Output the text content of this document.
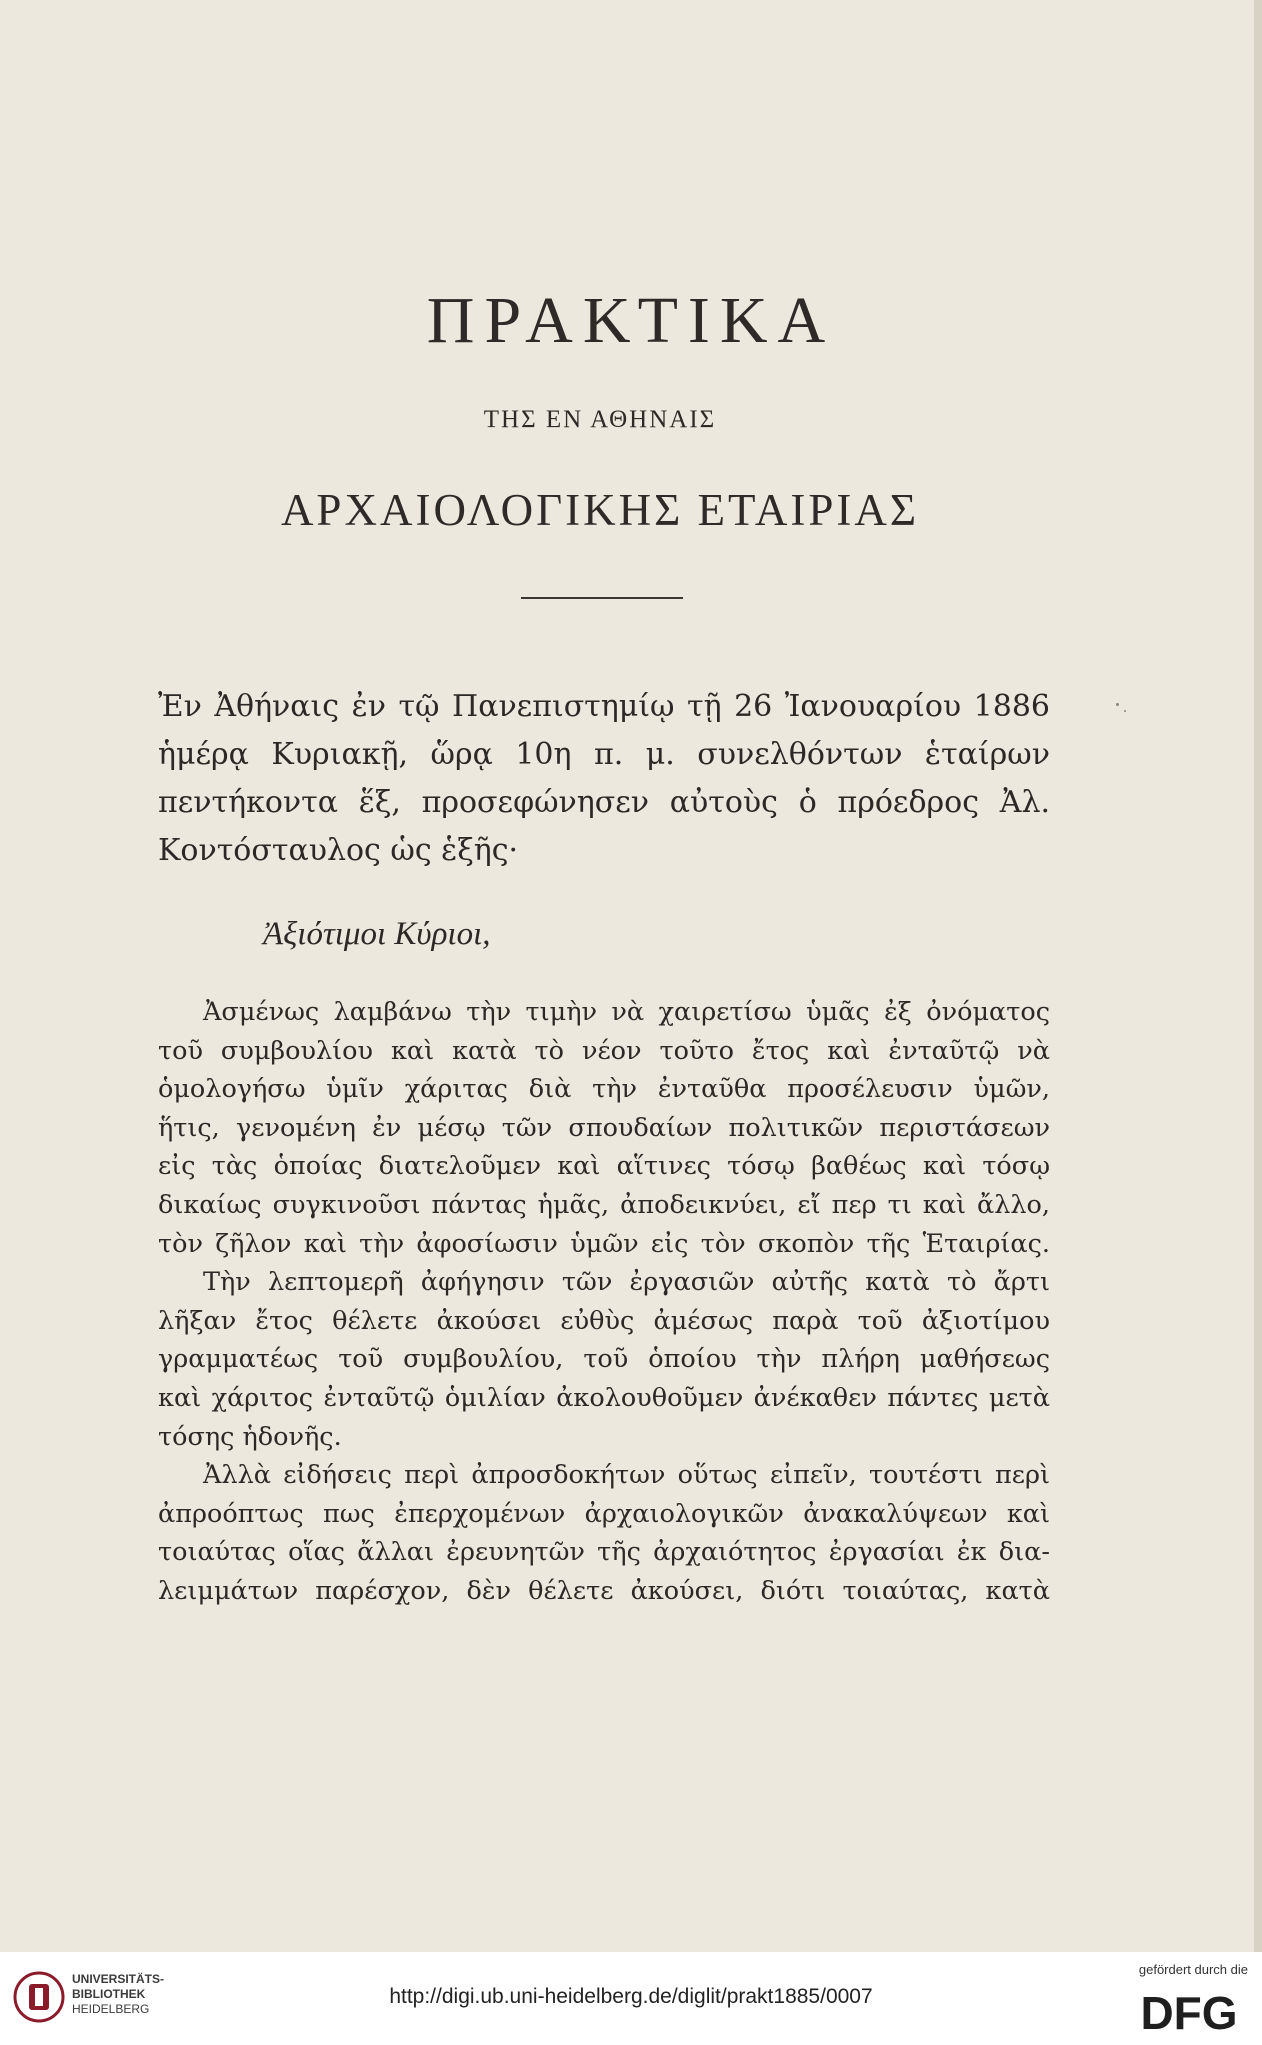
ΠΡΑΚΤΙΚΑ
ΤΗΣ ΕΝ ΑΘΗΝΑΙΣ
ΑΡΧΑΙΟΛΟΓΙΚΗΣ ΕΤΑΙΡΙΑΣ
Ἐν Ἀθήναις ἐν τῷ Πανεπιστημίῳ τῇ 26 Ἰανουαρίου 1886
ἡμέρᾳ Κυριακῇ, ὥρᾳ 10η π. μ. συνελθόντων ἑταίρων
πεντήκοντα ἕξ, προσεφώνησεν αὐτοὺς ὁ πρόεδρος Ἀλ.
Κοντόσταυλος ὡς ἑξῆς·
Ἀξιότιμοι Κύριοι,
Ἀσμένως λαμβάνω τὴν τιμὴν νὰ χαιρετίσω ὑμᾶς ἐξ ὀνόματος
τοῦ συμβουλίου καὶ κατὰ τὸ νέον τοῦτο ἔτος καὶ ἐνταῦτῷ νὰ
ὁμολογήσω ὑμῖν χάριτας διὰ τὴν ἐνταῦθα προσέλευσιν ὑμῶν,
ἥτις, γενομένη ἐν μέσῳ τῶν σπουδαίων πολιτικῶν περιστάσεων
εἰς τὰς ὁποίας διατελοῦμεν καὶ αἵτινες τόσῳ βαθέως καὶ τόσῳ
δικαίως συγκινοῦσι πάντας ἡμᾶς, ἀποδεικνύει, εἴ περ τι καὶ ἄλλο,
τὸν ζῆλον καὶ τὴν ἀφοσίωσιν ὑμῶν εἰς τὸν σκοπὸν τῆς Ἑταιρίας.
Τὴν λεπτομερῆ ἀφήγησιν τῶν ἐργασιῶν αὐτῆς κατὰ τὸ ἄρτι
λῆξαν ἔτος θέλετε ἀκούσει εὐθὺς ἀμέσως παρὰ τοῦ ἀξιοτίμου
γραμματέως τοῦ συμβουλίου, τοῦ ὁποίου τὴν πλήρη μαθήσεως
καὶ χάριτος ἐνταῦτῷ ὁμιλίαν ἀκολουθοῦμεν ἀνέκαθεν πάντες μετὰ
τόσης ἡδονῆς.
Ἀλλὰ εἰδήσεις περὶ ἀπροσδοκήτων οὕτως εἰπεῖν, τουτέστι περὶ
ἀπροόπτως πως ἐπερχομένων ἀρχαιολογικῶν ἀνακαλύψεων καὶ
τοιαύτας οἵας ἄλλαι ἐρευνητῶν τῆς ἀρχαιότητος ἐργασίαι ἐκ δια-
λειμμάτων παρέσχον, δὲν θέλετε ἀκούσει, διότι τοιαύτας, κατὰ
UNIVERSITÄTS-
BIBLIOTHEK
HEIDELBERG
http://digi.ub.uni-heidelberg.de/diglit/prakt1885/0007
gefördert durch die
DFG
